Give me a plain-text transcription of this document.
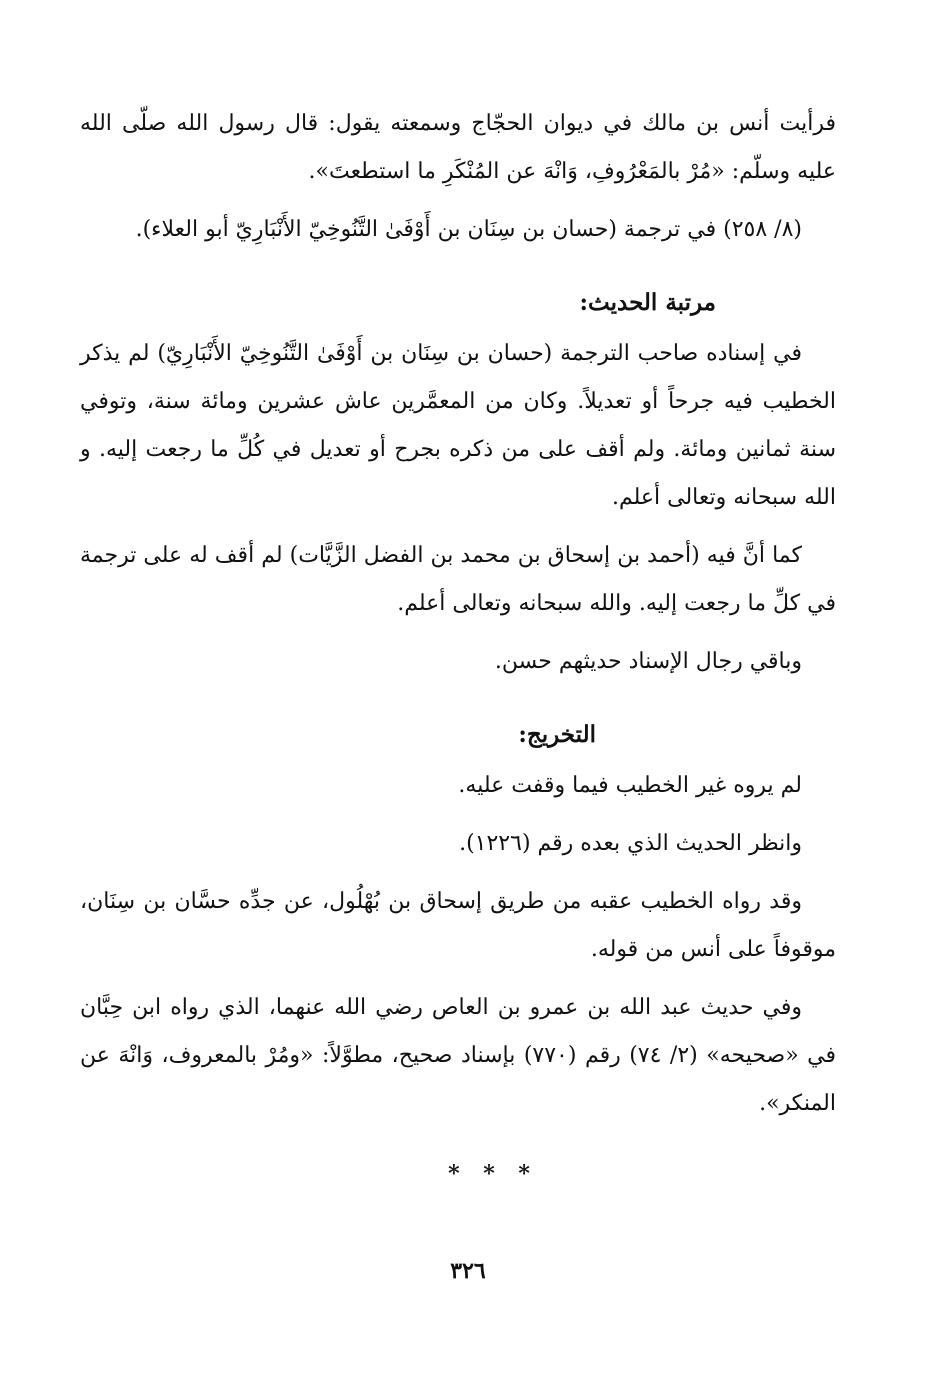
فرأيت أنس بن مالك في ديوان الحجّاج وسمعته يقول: قال رسول الله صلّى الله عليه وسلّم: «مُرْ بالمَعْرُوفِ، وَانْهَ عن المُنْكَرِ ما استطعتَ».

(٨/ ٢٥٨) في ترجمة (حسان بن سِنَان بن أَوْفَىٰ التَّنُوخِيّ الأَنْبَارِيّ أبو العلاء).

مرتبة الحديث:

في إسناده صاحب الترجمة (حسان بن سِنَان بن أَوْفَىٰ التَّنُوخِيّ الأَنْبَارِيّ) لم يذكر الخطيب فيه جرحاً أو تعديلاً. وكان من المعمَّرين عاش عشرين ومائة سنة، وتوفي سنة ثمانين ومائة. ولم أقف على من ذكره بجرح أو تعديل في كُلِّ ما رجعت إليه. و الله سبحانه وتعالى أعلم.

كما أنَّ فيه (أحمد بن إسحاق بن محمد بن الفضل الزَّيَّات) لم أقف له على ترجمة في كلِّ ما رجعت إليه. والله سبحانه وتعالى أعلم.

وباقي رجال الإسناد حديثهم حسن.

التخريج:

لم يروه غير الخطيب فيما وقفت عليه.

وانظر الحديث الذي بعده رقم (١٢٢٦).

وقد رواه الخطيب عقبه من طريق إسحاق بن بُهْلُول، عن جدِّه حسَّان بن سِنَان، موقوفاً على أنس من قوله.

وفي حديث عبد الله بن عمرو بن العاص رضي الله عنهما، الذي رواه ابن حِبَّان في «صحيحه» (٢/ ٧٤) رقم (٧٧٠) بإسناد صحيح، مطوَّلاً: «ومُرْ بالمعروف، وَانْهَ عن المنكر».

* * *
٣٢٦
